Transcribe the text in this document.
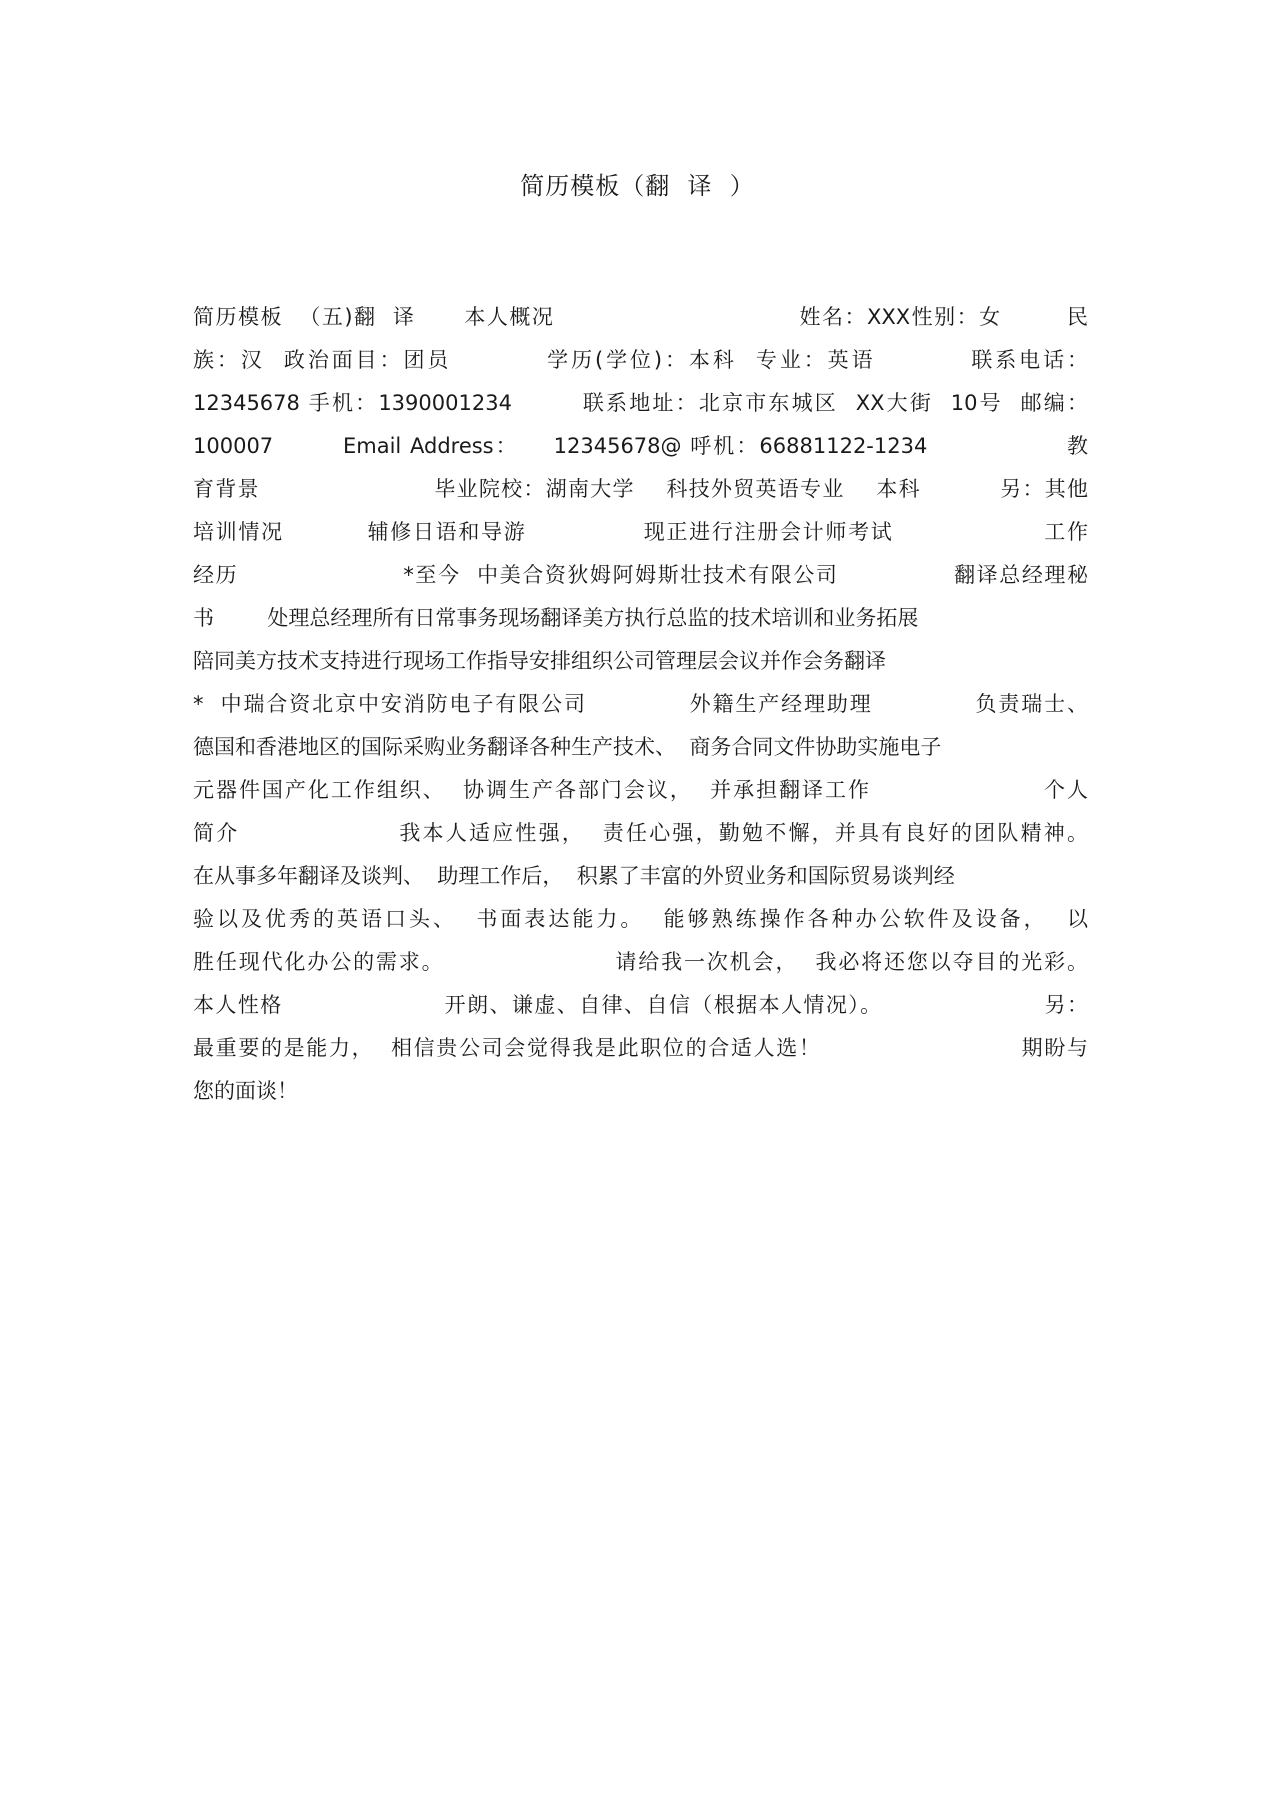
简历模板（翻  译  ）
简历模板  （五)翻  译      本人概况                              姓名：XXX性别：女        民
族：汉  政治面目：团员          学历(学位)：本科  专业：英语          联系电话：
12345678 手机：1390001234        联系地址：北京市东城区  XX大街  10号  邮编：
100007        Email Address：    12345678@ 呼机：66881122-1234                教
育背景                      毕业院校：湖南大学    科技外贸英语专业    本科          另：其他
培训情况          辅修日语和导游              现正进行注册会计师考试                  工作
经历                    *至今  中美合资狄姆阿姆斯壮技术有限公司              翻译总经理秘
书        处理总经理所有日常事务现场翻译美方执行总监的技术培训和业务拓展
陪同美方技术支持进行现场工作指导安排组织公司管理层会议并作会务翻译
*  中瑞合资北京中安消防电子有限公司            外籍生产经理助理            负责瑞士、
德国和香港地区的国际采购业务翻译各种生产技术、  商务合同文件协助实施电子
元器件国产化工作组织、  协调生产各部门会议，  并承担翻译工作                    个人
简介                  我本人适应性强，  责任心强，勤勉不懈，并具有良好的团队精神。
在从事多年翻译及谈判、  助理工作后，  积累了丰富的外贸业务和国际贸易谈判经
验以及优秀的英语口头、  书面表达能力。  能够熟练操作各种办公软件及设备，  以
胜任现代化办公的需求。                    请给我一次机会，  我必将还您以夺目的光彩。
本人性格                    开朗、谦虚、自律、自信（根据本人情况）。                    另：
最重要的是能力，  相信贵公司会觉得我是此职位的合适人选！                        期盼与
您的面谈！
